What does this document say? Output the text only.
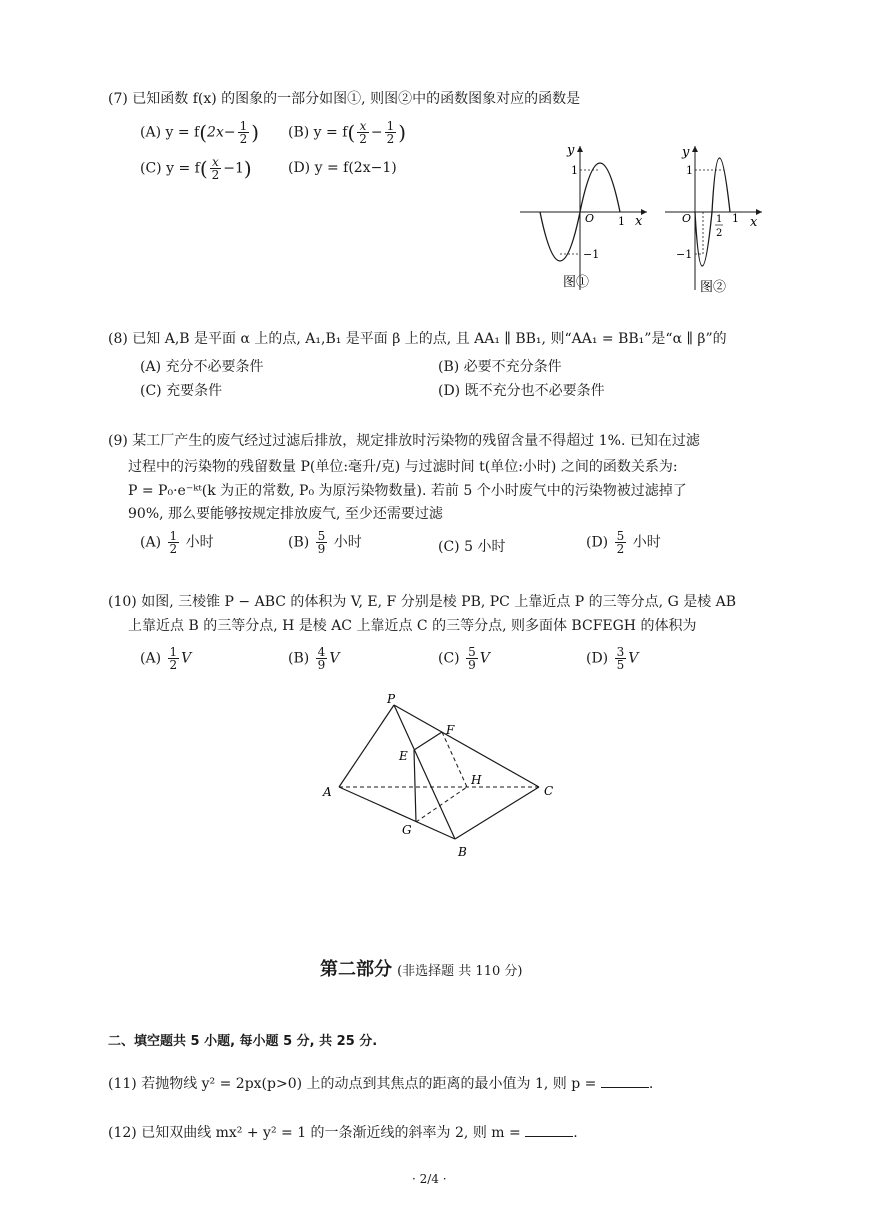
(7) 已知函数 f(x) 的图象的一部分如图①, 则图②中的函数图象对应的函数是
(A) $y = f(2x- \frac{1}{2}$ ) (B) $y = f( \frac{x}{2} - \frac{1}{2}$ )
(C) $y = f( \frac{x}{2} -1)$	(D) y = f(2x−1)
y
1
O 1 x
−1
图①
y
1
O 1
2
1 x
−1
图②
(8) 已知 A,B 是平面 α 上的点, A₁,B₁ 是平面 β 上的点, 且 AA₁ ∥ BB₁, 则“AA₁ = BB₁”是“α ∥ β”的
(A) 充分不必要条件	(B) 必要不充分条件
(C) 充要条件	(D) 既不充分也不必要条件
(9) 某工厂产生的废气经过过滤后排放，规定排放时污染物的残留含量不得超过 1%. 已知在过滤
过程中的污染物的残留数量 P(单位:毫升/克) 与过滤时间 t(单位:小时) 之间的函数关系为:
P = P₀·e⁻ᵏᵗ(k 为正的常数, P₀ 为原污染物数量). 若前 5 个小时废气中的污染物被过滤掉了
90%, 那么要能够按规定排放废气, 至少还需要过滤
$(A) \frac{1}{2}$ 小时	$(B) \frac{5}{9}$ 小时	(C) 5 小时	$(D) \frac{5}{2}$ 小时
(10) 如图, 三棱锥 P − ABC 的体积为 V, E, F 分别是棱 PB, PC 上靠近点 P 的三等分点, G 是棱 AB
上靠近点 B 的三等分点, H 是棱 AC 上靠近点 C 的三等分点, 则多面体 BCFEGH 的体积为
$(A) \frac{1}{2}$ V	$(B) \frac{4}{9}$ V	$(C) \frac{5}{9}$ V	$(D) \frac{3}{5}$ V
P
A	C
B
E
F
G
H
第二部分 (非选择题 共 110 分)
二、填空题共 5 小题, 每小题 5 分, 共 25 分.
(11) 若抛物线 y² = 2px(p>0) 上的动点到其焦点的距离的最小值为 1, 则 p =	.
(12) 已知双曲线 mx² + y² = 1 的一条渐近线的斜率为 2, 则 m =	.
· 2/4 ·
